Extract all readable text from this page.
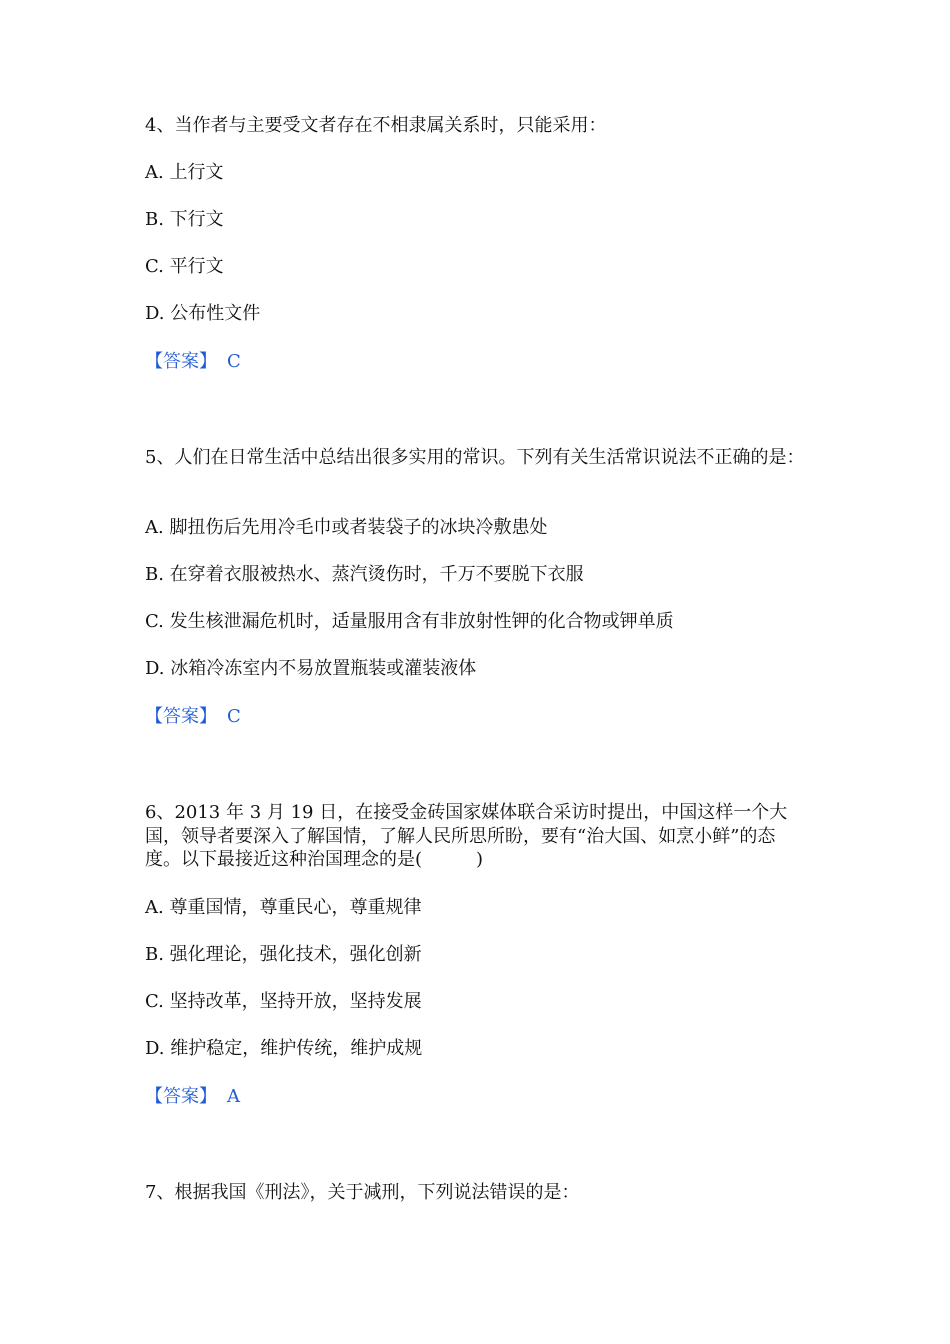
4、当作者与主要受文者存在不相隶属关系时，只能采用：
A. 上行文
B. 下行文
C. 平行文
D. 公布性文件
【答案】 C
5、人们在日常生活中总结出很多实用的常识。下列有关生活常识说法不正确的是：
A. 脚扭伤后先用冷毛巾或者装袋子的冰块冷敷患处
B. 在穿着衣服被热水、蒸汽烫伤时，千万不要脱下衣服
C. 发生核泄漏危机时，适量服用含有非放射性钾的化合物或钾单质
D. 冰箱冷冻室内不易放置瓶装或灌装液体
【答案】 C
6、2013 年 3 月 19 日，在接受金砖国家媒体联合采访时提出，中国这样一个大国，领导者要深入了解国情，了解人民所思所盼，要有“治大国、如烹小鲜”的态度。以下最接近这种治国理念的是(　　　)
A. 尊重国情，尊重民心，尊重规律
B. 强化理论，强化技术，强化创新
C. 坚持改革，坚持开放，坚持发展
D. 维护稳定，维护传统，维护成规
【答案】 A
7、根据我国《刑法》，关于减刑，下列说法错误的是：
